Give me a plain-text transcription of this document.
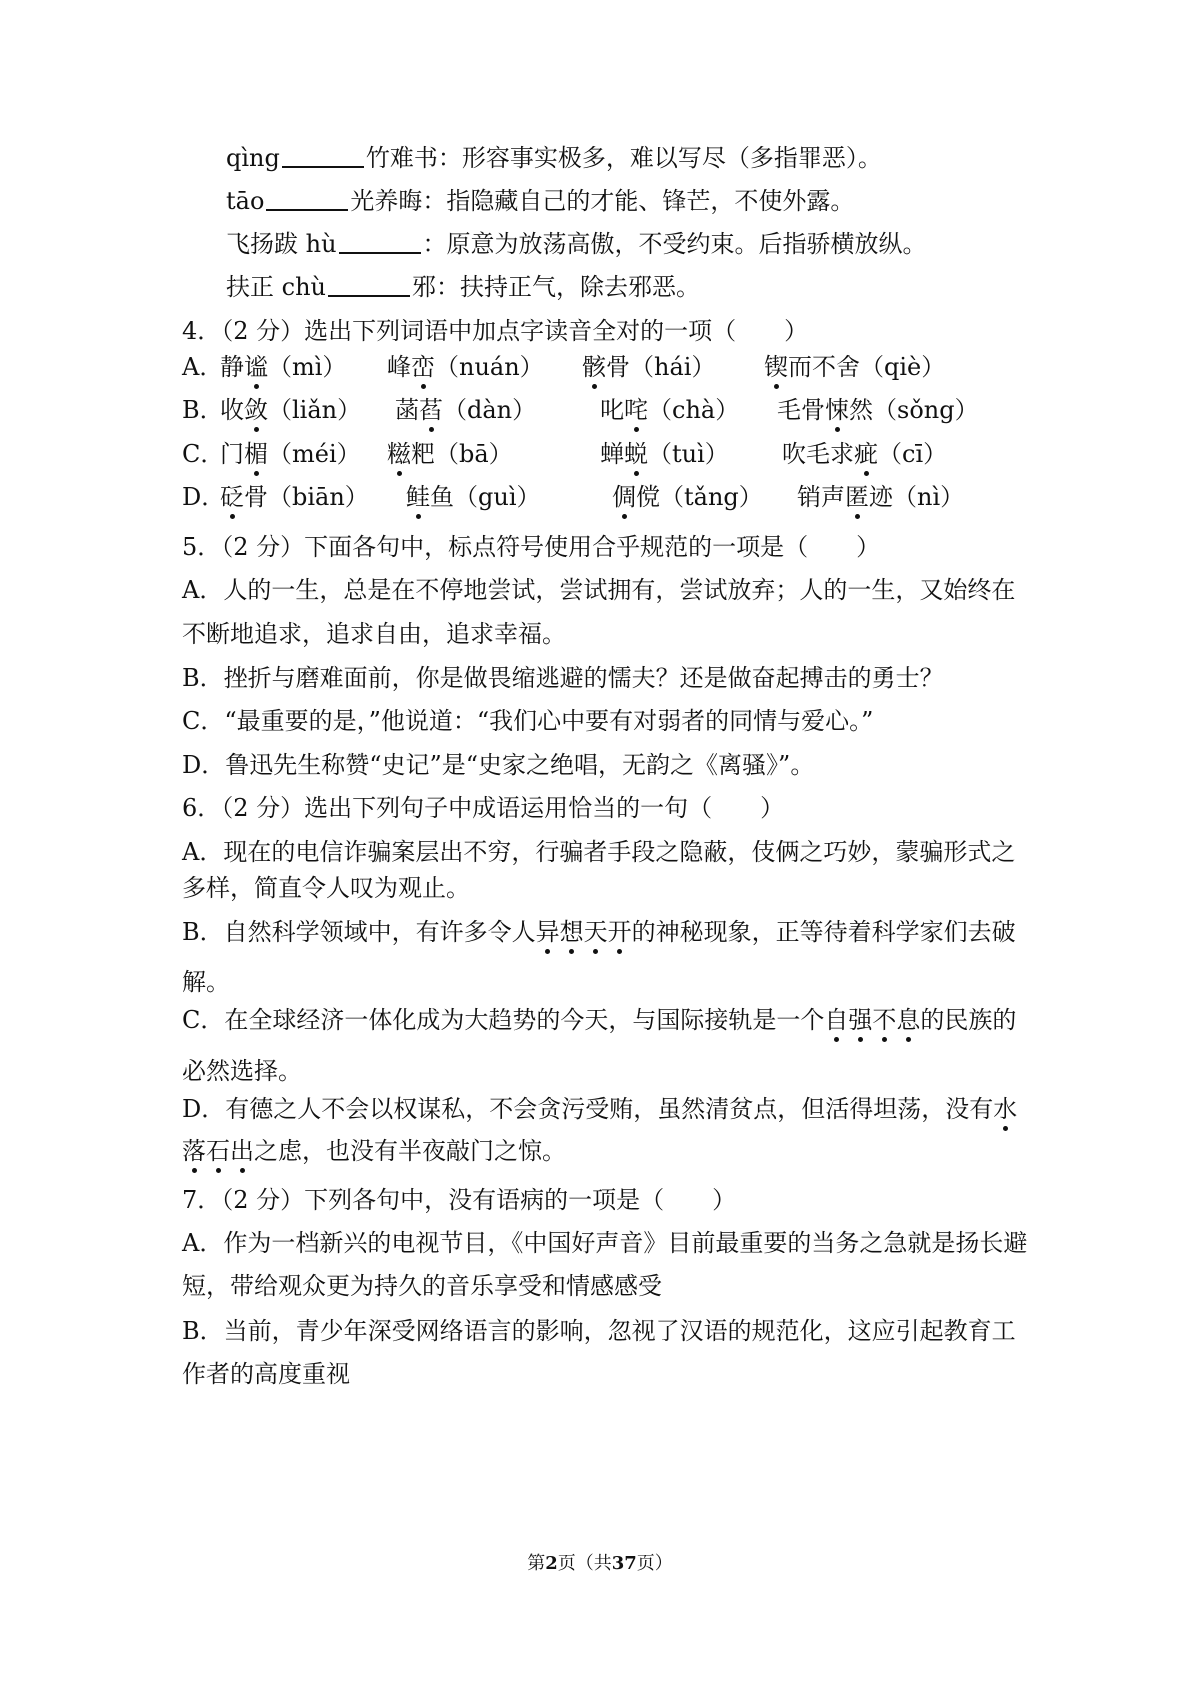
qìng	竹难书：形容事实极多，难以写尽（多指罪恶）。
tāo	光养晦：指隐藏自己的才能、锋芒，不使外露。
飞扬跋 hù	：原意为放荡高傲，不受约束。后指骄横放纵。
扶正 chù	邪：扶持正气，除去邪恶。
4．（2 分）选出下列词语中加点字读音全对的一项（　　）
A．
静谧（mì） 峰峦（nuán） 骸骨（hái） 锲而不舍（qiè）
B．
收敛（liǎn） 菡萏（dàn）	叱咤（chà） 毛骨悚然（sǒng）
C．
门楣（méi） 糍粑（bā）	蝉蜕（tuì） 吹毛求疵（cī）
D．
砭骨（biān） 鲑鱼（guì）	倜傥（tǎng） 销声匿迹（nì）
5．（2 分）下面各句中，标点符号使用合乎规范的一项是（　　）
A．人的一生，总是在不停地尝试，尝试拥有，尝试放弃；人的一生，又始终在
不断地追求，追求自由，追求幸福。
B．挫折与磨难面前，你是做畏缩逃避的懦夫？还是做奋起搏击的勇士？
C．“最重要的是，”他说道：“我们心中要有对弱者的同情与爱心。”
D．鲁迅先生称赞“史记”是“史家之绝唱，无韵之《离骚》”。
6．（2 分）选出下列句子中成语运用恰当的一句（　　）
A．现在的电信诈骗案层出不穷，行骗者手段之隐蔽，伎俩之巧妙，蒙骗形式之
多样，简直令人叹为观止。
B．自然科学领域中，有许多令人异想天开的神秘现象，正等待着科学家们去破
解。
C．在全球经济一体化成为大趋势的今天，与国际接轨是一个自强不息的民族的
必然选择。
D．有德之人不会以权谋私，不会贪污受贿，虽然清贫点，但活得坦荡，没有水
落石出之虑，也没有半夜敲门之惊。
7．（2 分）下列各句中，没有语病的一项是（　　）
A．作为一档新兴的电视节目，《中国好声音》目前最重要的当务之急就是扬长避
短，带给观众更为持久的音乐享受和情感感受
B．当前，青少年深受网络语言的影响，忽视了汉语的规范化，这应引起教育工
作者的高度重视
第2页（共37页）
